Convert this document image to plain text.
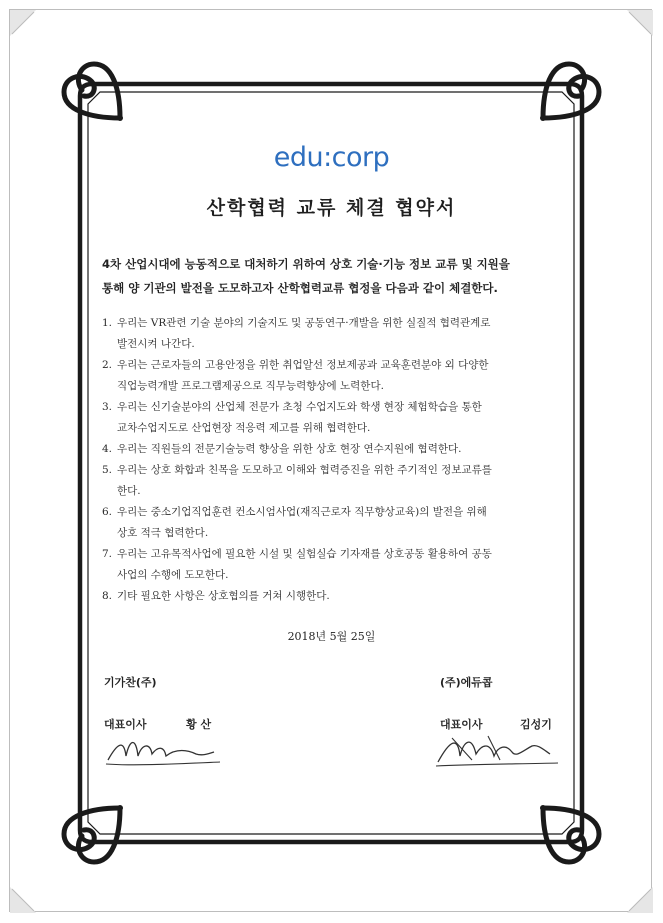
edu:corp
산학협력 교류 체결 협약서

4차 산업시대에 능동적으로 대처하기 위하여 상호 기술·기능 정보 교류 및 지원을

통해 양 기관의 발전을 도모하고자 산학협력교류 협정을 다음과 같이 체결한다.

1. 우리는 VR관련 기술 분야의 기술지도 및 공동연구·개발을 위한 실질적 협력관계로
발전시켜 나간다.
2. 우리는 근로자들의 고용안정을 위한 취업알선 정보제공과 교육훈련분야 외 다양한
직업능력개발 프로그램제공으로 직무능력향상에 노력한다.
3. 우리는 신기술분야의 산업체 전문가 초청 수업지도와 학생 현장 체험학습을 통한
교차수업지도로 산업현장 적응력 제고를 위해 협력한다.
4. 우리는 직원들의 전문기술능력 향상을 위한 상호 현장 연수지원에 협력한다.
5. 우리는 상호 화합과 친목을 도모하고 이해와 협력증진을 위한 주기적인 정보교류를
한다.
6. 우리는 중소기업직업훈련 컨소시엄사업(재직근로자 직무향상교육)의 발전을 위해
상호 적극 협력한다.
7. 우리는 고유목적사업에 필요한 시설 및 실험실습 기자재를 상호공동 활용하여 공동
사업의 수행에 도모한다.
8. 기타 필요한 사항은 상호협의를 거쳐 시행한다.
2018년 5월 25일
기가찬(주)
대표이사	황 산
(주)에듀콥
대표이사	김성기
